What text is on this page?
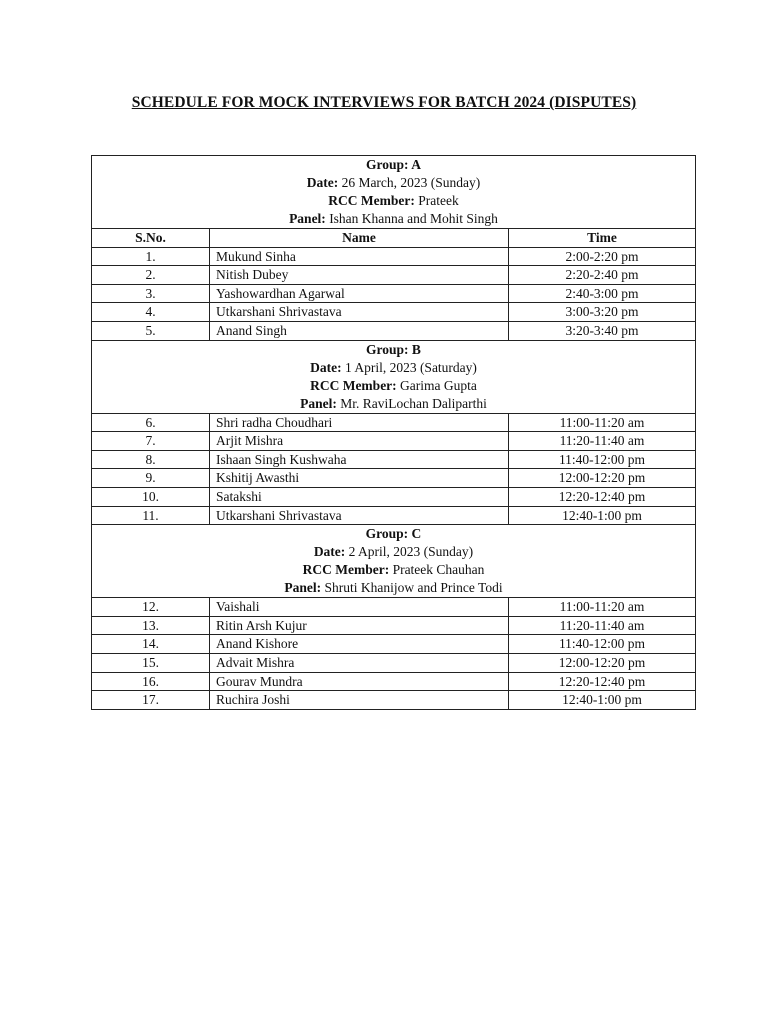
SCHEDULE FOR MOCK INTERVIEWS FOR BATCH 2024 (DISPUTES)
Group: A
Date: 26 March, 2023 (Sunday)
RCC Member: Prateek
Panel: Ishan Khanna and Mohit Singh		

S.No.	Name	Time
1.	Mukund Sinha	2:00-2:20 pm
2.	Nitish Dubey	2:20-2:40 pm
3.	Yashowardhan Agarwal	2:40-3:00 pm
4.	Utkarshani Shrivastava	3:00-3:20 pm
5.	Anand Singh	3:20-3:40 pm

Group: B
Date: 1 April, 2023 (Saturday)
RCC Member: Garima Gupta
Panel: Mr. RaviLochan Daliparthi		

6.	Shri radha Choudhari	11:00-11:20 am
7.	Arjit Mishra	11:20-11:40 am
8.	Ishaan Singh Kushwaha	11:40-12:00 pm
9.	Kshitij Awasthi	12:00-12:20 pm
10.	Satakshi	12:20-12:40 pm
11.	Utkarshani Shrivastava	12:40-1:00 pm

Group: C
Date: 2 April, 2023 (Sunday)
RCC Member: Prateek Chauhan
Panel: Shruti Khanijow and Prince Todi		

12.	Vaishali	11:00-11:20 am
13.	Ritin Arsh Kujur	11:20-11:40 am
14.	Anand Kishore	11:40-12:00 pm
15.	Advait Mishra	12:00-12:20 pm
16.	Gourav Mundra	12:20-12:40 pm
17.	Ruchira Joshi	12:40-1:00 pm
